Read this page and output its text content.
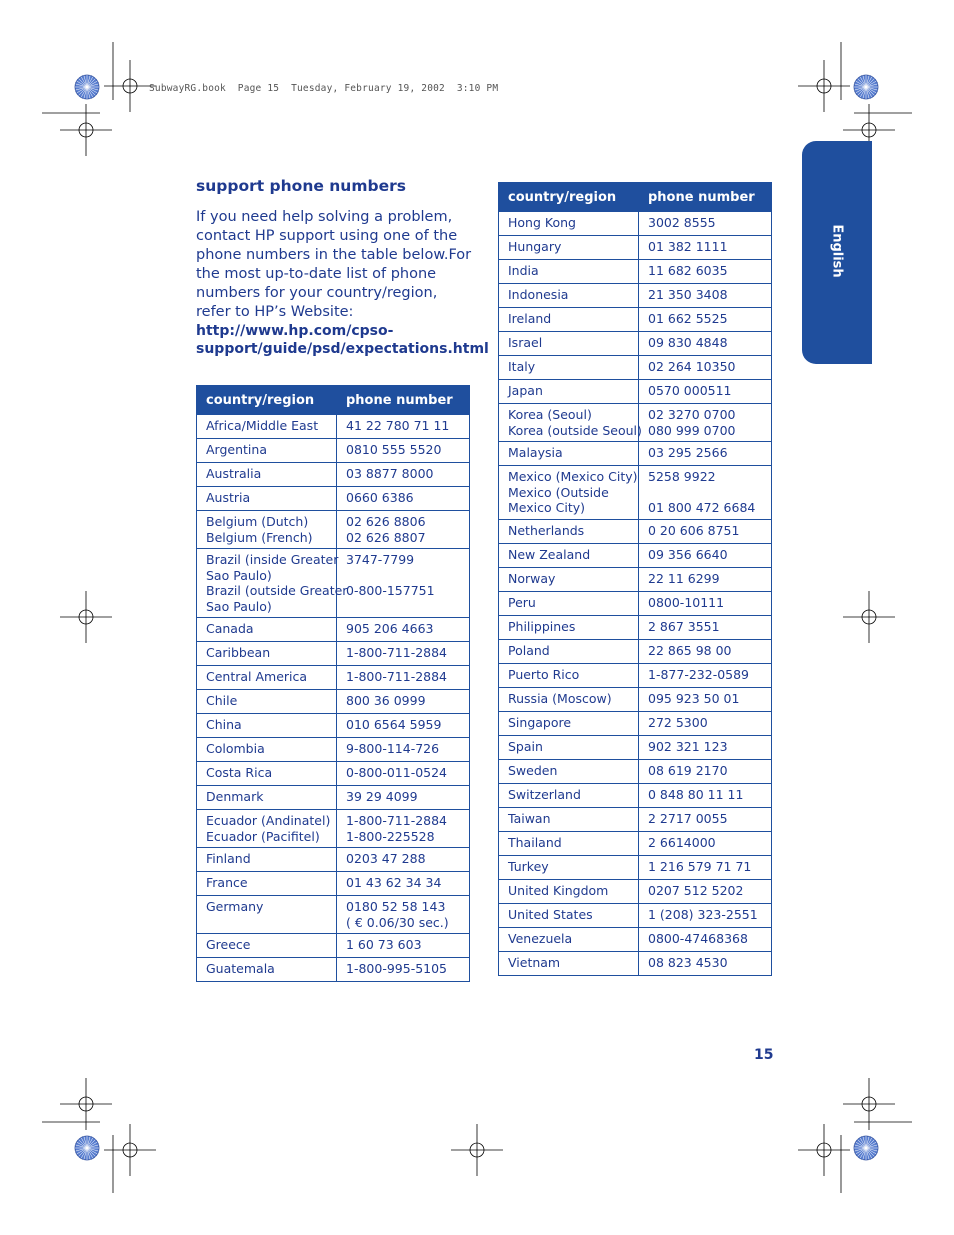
SubwayRG.book  Page 15  Tuesday, February 19, 2002  3:10 PM
support phone numbers

If you need help solving a problem, contact HP support using one of the phone numbers in the table below.For the most up-to-date list of phone numbers for your country/region, refer to HP’s Website:

http://www.hp.com/cpso-support/guide/psd/expectations.html

country/region	phone number

Africa/Middle East	41 22 780 71 11

Argentina	0810 555 5520

Australia	03 8877 8000

Austria	0660 6386

Belgium (Dutch)
Belgium (French)	02 626 8806
02 626 8807

Brazil (inside Greater
Sao Paulo)
Brazil (outside Greater
Sao Paulo)	3747-7799
0-800-157751

Canada	905 206 4663

Caribbean	1-800-711-2884

Central America	1-800-711-2884

Chile	800 36 0999

China	010 6564 5959

Colombia	9-800-114-726

Costa Rica	0-800-011-0524

Denmark	39 29 4099

Ecuador (Andinatel)
Ecuador (Pacifitel)	1-800-711-2884
1-800-225528

Finland	0203 47 288

France	01 43 62 34 34

Germany	0180 52 58 143
( € 0.06/30 sec.)

Greece	1 60 73 603

Guatemala	1-800-995-5105
country/region	phone number

Hong Kong	3002 8555

Hungary	01 382 1111

India	11 682 6035

Indonesia	21 350 3408

Ireland	01 662 5525

Israel	09 830 4848

Italy	02 264 10350

Japan	0570 000511

Korea (Seoul)
Korea (outside Seoul)	02 3270 0700
080 999 0700

Malaysia	03 295 2566

Mexico (Mexico City)
Mexico (Outside
Mexico City)	5258 9922
01 800 472 6684

Netherlands	0 20 606 8751

New Zealand	09 356 6640

Norway	22 11 6299

Peru	0800-10111

Philippines	2 867 3551

Poland	22 865 98 00

Puerto Rico	1-877-232-0589

Russia (Moscow)	095 923 50 01

Singapore	272 5300

Spain	902 321 123

Sweden	08 619 2170

Switzerland	0 848 80 11 11

Taiwan	2 2717 0055

Thailand	2 6614000

Turkey	1 216 579 71 71

United Kingdom	0207 512 5202

United States	1 (208) 323-2551

Venezuela	0800-47468368

Vietnam	08 823 4530
English
15
